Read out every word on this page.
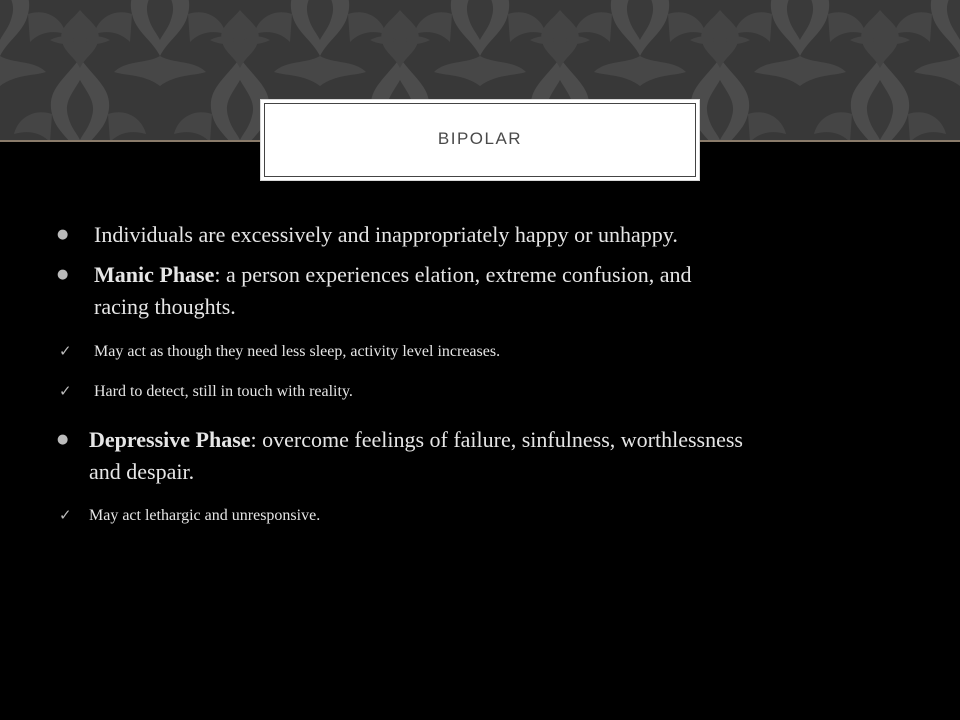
BIPOLAR
● Individuals are excessively and inappropriately happy or unhappy.
● Manic Phase: a person experiences elation, extreme confusion, and
racing thoughts.
✓ May act as though they need less sleep, activity level increases.
✓ Hard to detect, still in touch with reality.
● Depressive Phase: overcome feelings of failure, sinfulness, worthlessness
and despair.
✓ May act lethargic and unresponsive.
